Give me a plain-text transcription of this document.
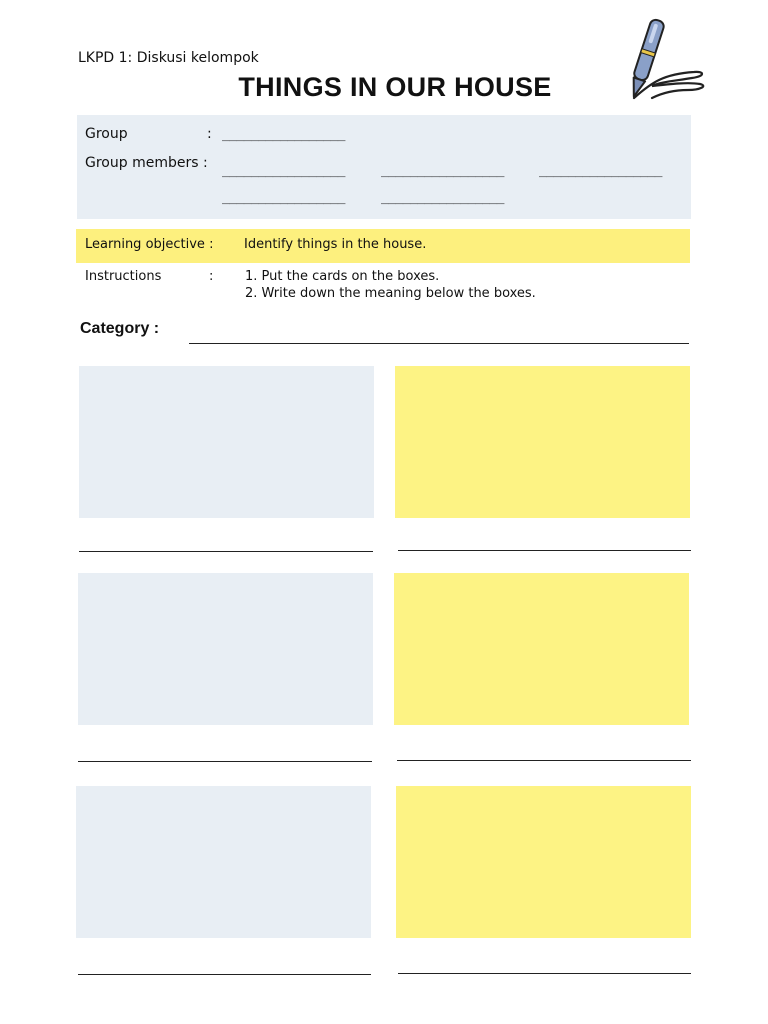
LKPD 1: Diskusi kelompok
THINGS IN OUR HOUSE
Group	: _________________
Group members : _________________	_________________	_________________
_________________	_________________
Learning objective : Identify things in the house.
Instructions	: 1. Put the cards on the boxes.
2. Write down the meaning below the boxes.
Category :
